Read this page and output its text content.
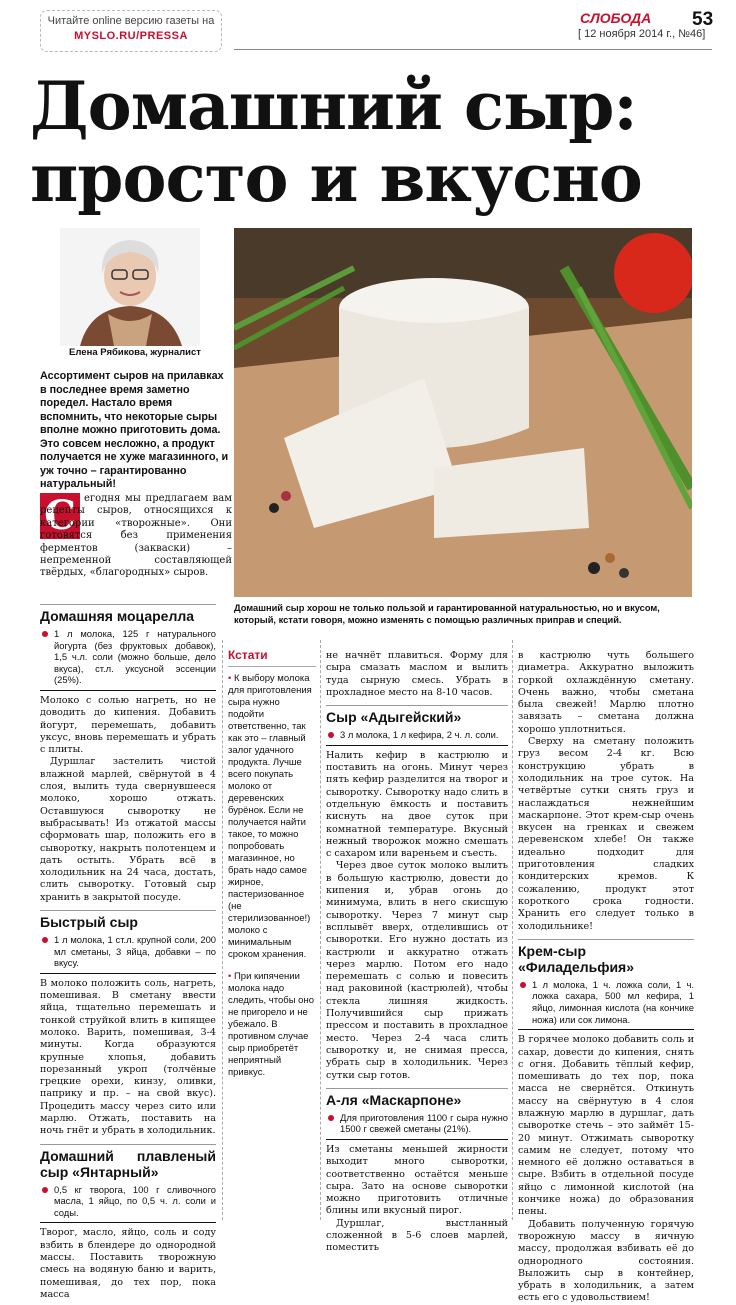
Читайте online версию газеты на
MYSLO.RU/PRESSA
СЛОБОДА 53
[ 12 ноября 2014 г., №46]
Домашний сыр:
просто и вкусно
Елена Рябикова, журналист
Ассортимент сыров на прилавках в последнее время заметно поредел. Настало время вспомнить, что некоторые сыры вполне можно приготовить дома. Это совсем несложно, а продукт получается не хуже магазинного, и уж точно – гарантированно натуральный!
С егодня мы предлагаем вам рецепты сыров, относящихся к категории «творожные». Они готовятся без применения ферментов (закваски) – непременной составляющей твёрдых, «благородных» сыров.
Домашний сыр хорош не только пользой и гарантированной натуральностью, но и вкусом, который, кстати говоря, можно изменять с помощью различных приправ и специй.
Домашняя моцарелла
1 л молока, 125 г натурального йогурта (без фруктовых добавок), 1,5 ч.л. соли (можно больше, дело вкуса), ст.л. уксусной эссенции (25%).

Молоко с солью нагреть, но не доводить до кипения. Добавить йогурт, перемешать, добавить уксус, вновь перемешать и убрать с плиты.

Дуршлаг застелить чистой влажной марлей, свёрнутой в 4 слоя, вылить туда свернувшееся молоко, хорошо отжать. Оставшуюся сыворотку не выбрасывать! Из отжатой массы сформовать шар, положить его в сыворотку, накрыть полотенцем и дать остыть. Убрать всё в холодильник на 24 часа, достать, слить сыворотку. Готовый сыр хранить в закрытой посуде.

Быстрый сыр
1 л молока, 1 ст.л. крупной соли, 200 мл сметаны, 3 яйца, добавки – по вкусу.

В молоко положить соль, нагреть, помешивая. В сметану ввести яйца, тщательно перемешать и тонкой струйкой влить в кипящее молоко. Варить, помешивая, 3-4 минуты. Когда образуются крупные хлопья, добавить порезанный укроп (толчёные грецкие орехи, кинзу, оливки, паприку и пр. – на свой вкус). Процедить массу через сито или марлю. Отжать, поставить на ночь гнёт и убрать в холодильник.

Домашний плавленый сыр «Янтарный»
0,5 кг творога, 100 г сливочного масла, 1 яйцо, по 0,5 ч. л. соли и соды.

Творог, масло, яйцо, соль и соду взбить в блендере до однородной массы. Поставить творожную смесь на водяную баню и варить, помешивая, до тех пор, пока масса

Кстати
• К выбору молока для приготовления сыра нужно подойти ответственно, так как это – главный залог удачного продукта. Лучше всего покупать молоко от деревенских бурёнок. Если не получается найти такое, то можно попробовать магазинное, но брать надо самое жирное, пастеризованное (не стерилизованное!) молоко с минимальным сроком хранения.
• При кипячении молока надо следить, чтобы оно не пригорело и не убежало. В противном случае сыр приобретёт неприятный привкус.

не начнёт плавиться. Форму для сыра смазать маслом и вылить туда сырную смесь. Убрать в прохладное место на 8-10 часов.

Сыр «Адыгейский»
3 л молока, 1 л кефира, 2 ч. л. соли.

Налить кефир в кастрюлю и поставить на огонь. Минут через пять кефир разделится на творог и сыворотку. Сыворотку надо слить в отдельную ёмкость и поставить киснуть на двое суток при комнатной температуре. Вкусный нежный творожок можно смешать с сахаром или вареньем и съесть.

Через двое суток молоко вылить в большую кастрюлю, довести до кипения и, убрав огонь до минимума, влить в него скисшую сыворотку. Через 7 минут сыр всплывёт вверх, отделившись от сыворотки. Его нужно достать из кастрюли и аккуратно отжать через марлю. Потом его надо перемешать с солью и повесить над раковиной (кастрюлей), чтобы стекла лишняя жидкость. Получившийся сыр прижать прессом и поставить в прохладное место. Через 2-4 часа слить сыворотку и, не снимая пресса, убрать сыр в холодильник. Через сутки сыр готов.

А-ля «Маскарпоне»
Для приготовления 1100 г сыра нужно 1500 г свежей сметаны (21%).

Из сметаны меньшей жирности выходит много сыворотки, соответственно остаётся меньше сыра. Зато на основе сыворотки можно приготовить отличные блины или вкусный пирог.

Дуршлаг, выстланный сложенной в 5-6 слоев марлей, поместить

в кастрюлю чуть большего диаметра. Аккуратно выложить горкой охлаждённую сметану. Очень важно, чтобы сметана была свежей! Марлю плотно завязать – сметана должна хорошо уплотниться.

Сверху на сметану положить груз весом 2-4 кг. Всю конструкцию убрать в холодильник на трое суток. На четвёртые сутки снять груз и наслаждаться нежнейшим маскарпоне. Этот крем-сыр очень вкусен на гренках и свежем деревенском хлебе! Он также идеально подходит для приготовления сладких кондитерских кремов. К сожалению, продукт этот короткого срока годности. Хранить его следует только в холодильнике!

Крем-сыр «Филадельфия»
1 л молока, 1 ч. ложка соли, 1 ч. ложка сахара, 500 мл кефира, 1 яйцо, лимонная кислота (на кончике ножа) или сок лимона.

В горячее молоко добавить соль и сахар, довести до кипения, снять с огня. Добавить тёплый кефир, помешивать до тех пор, пока масса не свернётся. Откинуть массу на свёрнутую в 4 слоя влажную марлю в дуршлаг, дать сыворотке стечь – это займёт 15-20 минут. Отжимать сыворотку самим не следует, потому что немного её должно оставаться в сыре. Взбить в отдельной посуде яйцо с лимонной кислотой (на кончике ножа) до образования пены.

Добавить полученную горячую творожную массу в яичную массу, продолжая взбивать её до однородного состояния. Выложить сыр в контейнер, убрать в холодильник, а затем есть его с удовольствием!
